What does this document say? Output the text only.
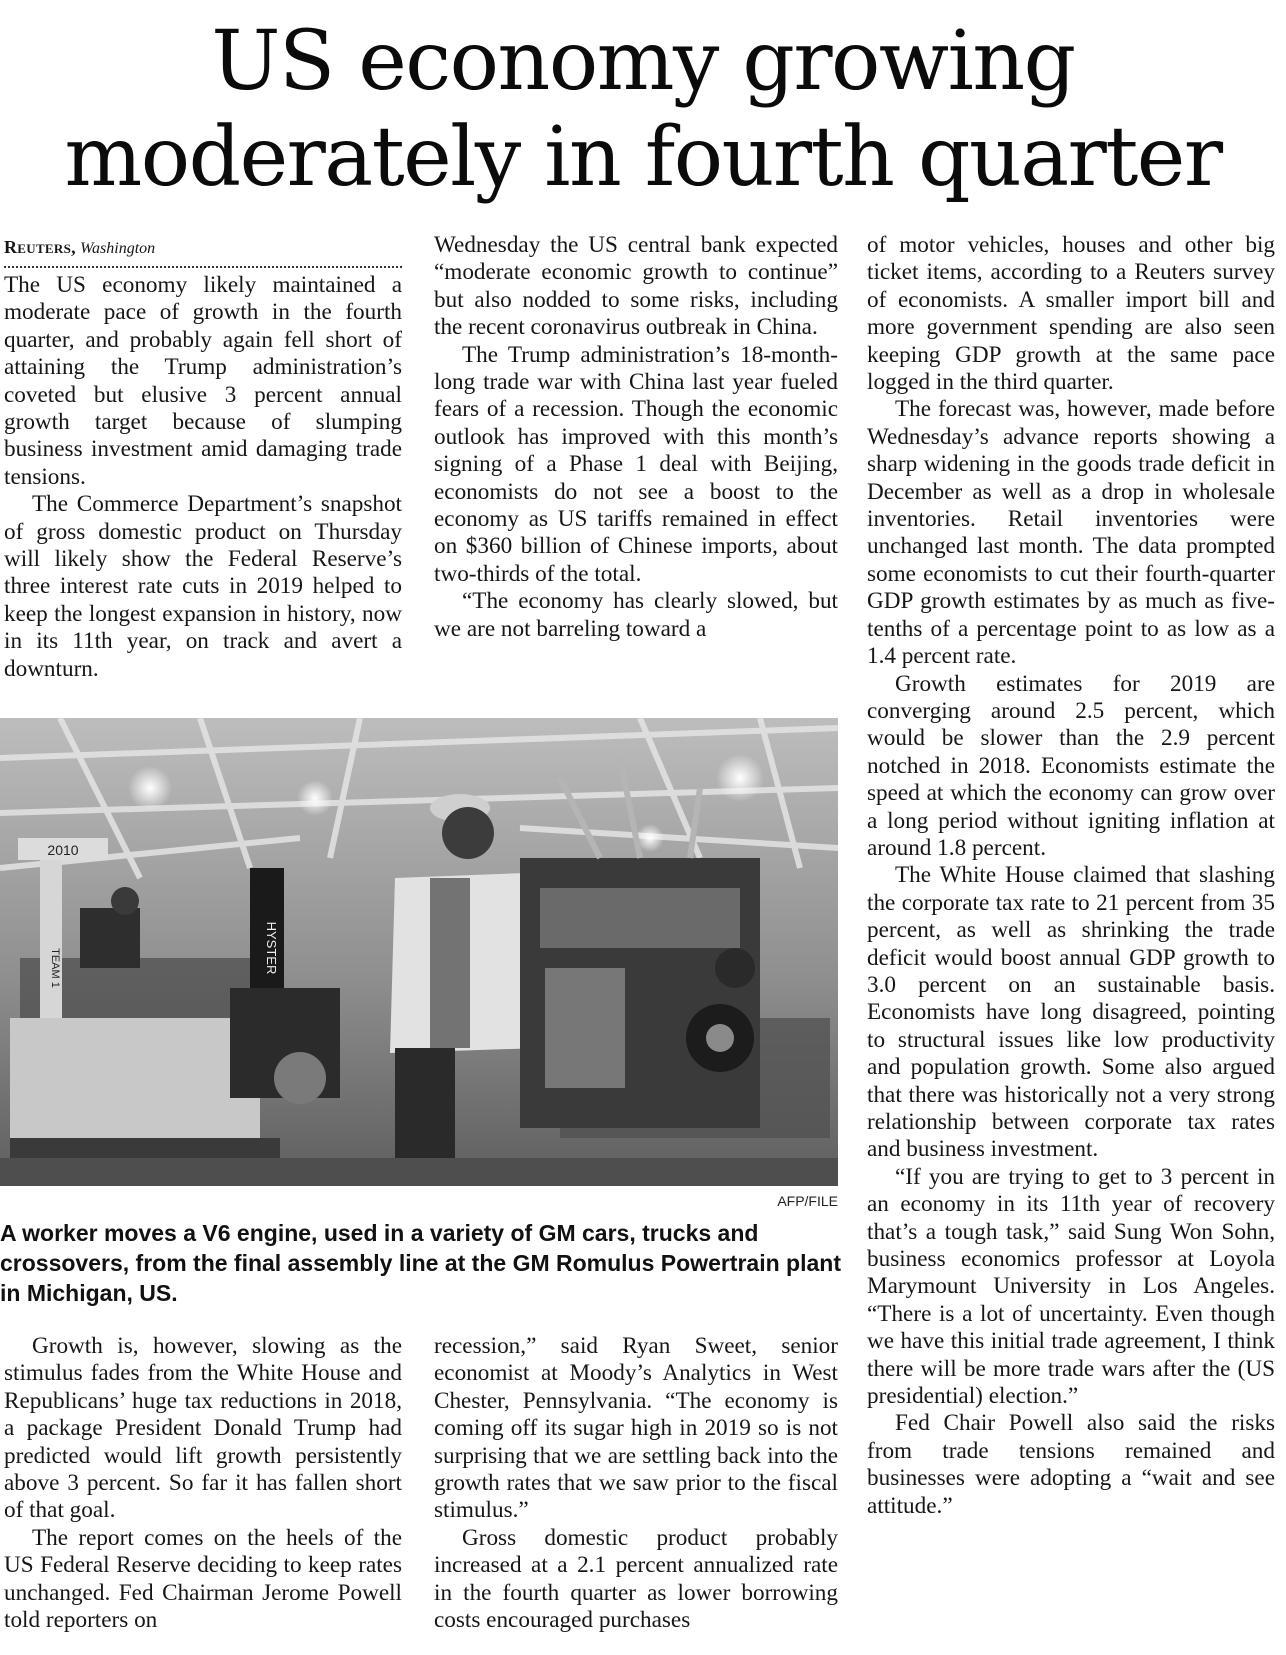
US economy growing
moderately in fourth quarter
Reuters, Washington

The US economy likely maintained a moderate pace of growth in the fourth quarter, and probably again fell short of attaining the Trump administration’s coveted but elusive 3 percent annual growth target because of slumping business investment amid damaging trade tensions.

The Commerce Department’s snapshot of gross domestic product on Thursday will likely show the Federal Reserve’s three interest rate cuts in 2019 helped to keep the longest expansion in history, now in its 11th year, on track and avert a downturn.

Wednesday the US central bank expected “moderate economic growth to continue” but also nodded to some risks, including the recent coronavirus outbreak in China.

The Trump administration’s 18-month-long trade war with China last year fueled fears of a recession. Though the economic outlook has improved with this month’s signing of a Phase 1 deal with Beijing, economists do not see a boost to the economy as US tariffs remained in effect on $360 billion of Chinese imports, about two-thirds of the total.

“The economy has clearly slowed, but we are not barreling toward a

2010
HYSTER
TEAM 1
AFP/FILE

A worker moves a V6 engine, used in a variety of GM cars, trucks and crossovers, from the final assembly line at the GM Romulus Powertrain plant in Michigan, US.

Growth is, however, slowing as the stimulus fades from the White House and Republicans’ huge tax reductions in 2018, a package President Donald Trump had predicted would lift growth persistently above 3 percent. So far it has fallen short of that goal.

The report comes on the heels of the US Federal Reserve deciding to keep rates unchanged. Fed Chairman Jerome Powell told reporters on

recession,” said Ryan Sweet, senior economist at Moody’s Analytics in West Chester, Pennsylvania. “The economy is coming off its sugar high in 2019 so is not surprising that we are settling back into the growth rates that we saw prior to the fiscal stimulus.”

Gross domestic product probably increased at a 2.1 percent annualized rate in the fourth quarter as lower borrowing costs encouraged purchases

of motor vehicles, houses and other big ticket items, according to a Reuters survey of economists. A smaller import bill and more government spending are also seen keeping GDP growth at the same pace logged in the third quarter.

The forecast was, however, made before Wednesday’s advance reports showing a sharp widening in the goods trade deficit in December as well as a drop in wholesale inventories. Retail inventories were unchanged last month. The data prompted some economists to cut their fourth-quarter GDP growth estimates by as much as five-tenths of a percentage point to as low as a 1.4 percent rate.

Growth estimates for 2019 are converging around 2.5 percent, which would be slower than the 2.9 percent notched in 2018. Economists estimate the speed at which the economy can grow over a long period without igniting inflation at around 1.8 percent.

The White House claimed that slashing the corporate tax rate to 21 percent from 35 percent, as well as shrinking the trade deficit would boost annual GDP growth to 3.0 percent on an sustainable basis. Economists have long disagreed, pointing to structural issues like low productivity and population growth. Some also argued that there was historically not a very strong relationship between corporate tax rates and business investment.

“If you are trying to get to 3 percent in an economy in its 11th year of recovery that’s a tough task,” said Sung Won Sohn, business economics professor at Loyola Marymount University in Los Angeles. “There is a lot of uncertainty. Even though we have this initial trade agreement, I think there will be more trade wars after the (US presidential) election.”

Fed Chair Powell also said the risks from trade tensions remained and businesses were adopting a “wait and see attitude.”
